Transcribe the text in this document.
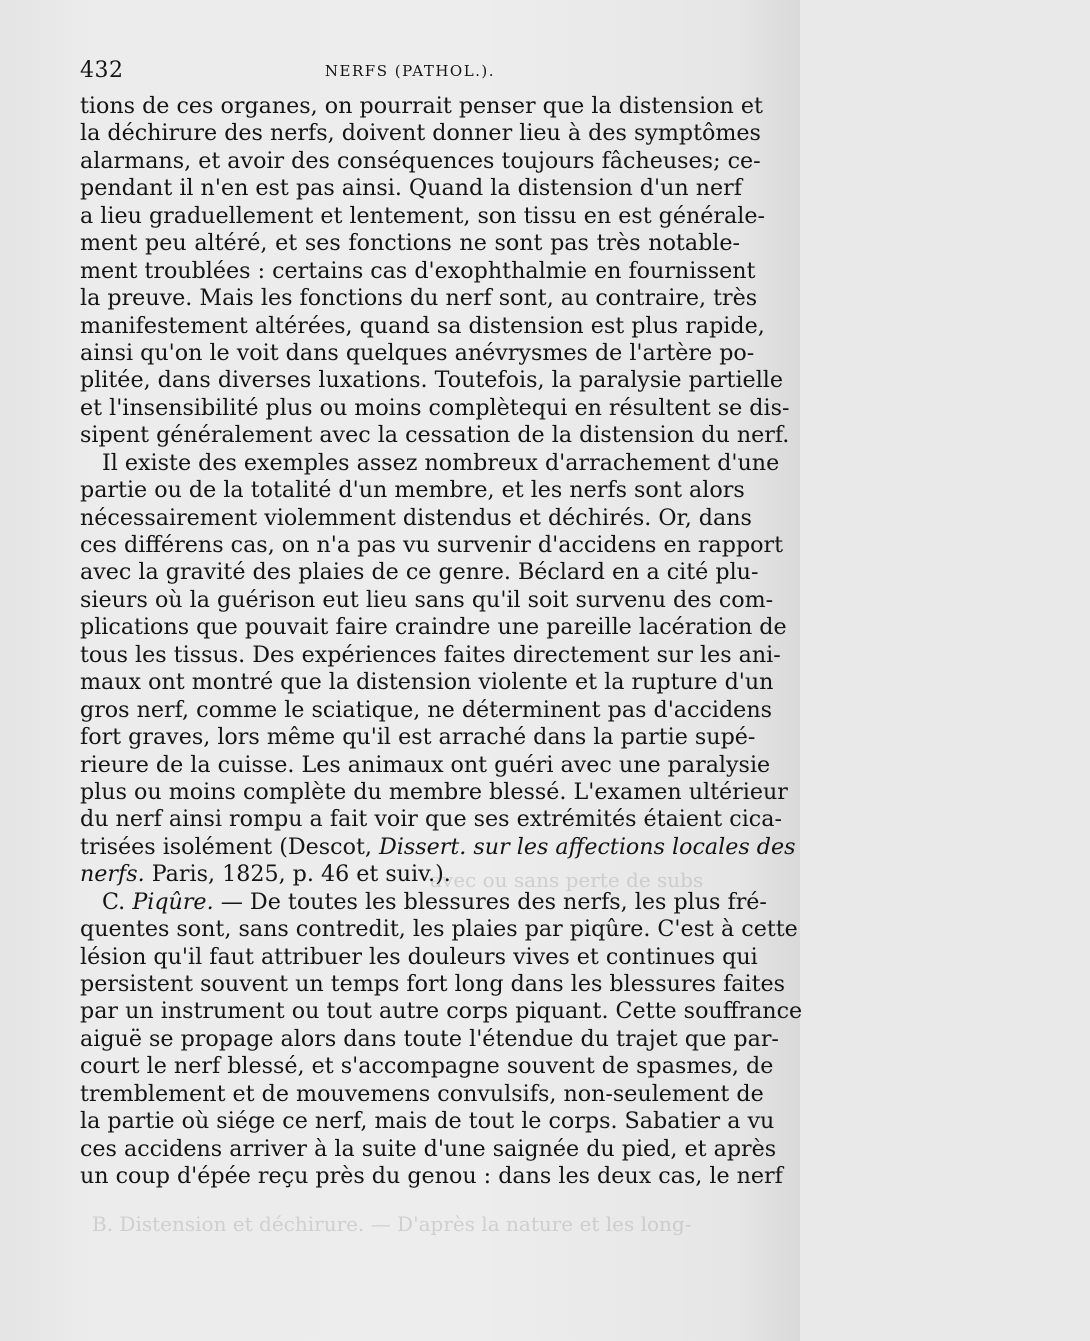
432	NERFS (PATHOL.).
avec ou sans perte de subs
B. Distension et déchirure. — D'après la nature et les long-
tions de ces organes, on pourrait penser que la distension et
la déchirure des nerfs, doivent donner lieu à des symptômes
alarmans, et avoir des conséquences toujours fâcheuses; ce-
pendant il n'en est pas ainsi. Quand la distension d'un nerf
a lieu graduellement et lentement, son tissu en est générale-
ment peu altéré, et ses fonctions ne sont pas très notable-
ment troublées : certains cas d'exophthalmie en fournissent
la preuve. Mais les fonctions du nerf sont, au contraire, très
manifestement altérées, quand sa distension est plus rapide,
ainsi qu'on le voit dans quelques anévrysmes de l'artère po-
plitée, dans diverses luxations. Toutefois, la paralysie partielle
et l'insensibilité plus ou moins complètequi en résultent se dis-
sipent généralement avec la cessation de la distension du nerf.
Il existe des exemples assez nombreux d'arrachement d'une
partie ou de la totalité d'un membre, et les nerfs sont alors
nécessairement violemment distendus et déchirés. Or, dans
ces différens cas, on n'a pas vu survenir d'accidens en rapport
avec la gravité des plaies de ce genre. Béclard en a cité plu-
sieurs où la guérison eut lieu sans qu'il soit survenu des com-
plications que pouvait faire craindre une pareille lacération de
tous les tissus. Des expériences faites directement sur les ani-
maux ont montré que la distension violente et la rupture d'un
gros nerf, comme le sciatique, ne déterminent pas d'accidens
fort graves, lors même qu'il est arraché dans la partie supé-
rieure de la cuisse. Les animaux ont guéri avec une paralysie
plus ou moins complète du membre blessé. L'examen ultérieur
du nerf ainsi rompu a fait voir que ses extrémités étaient cica-
trisées isolément (Descot, Dissert. sur les affections locales des
nerfs. Paris, 1825, p. 46 et suiv.).
C. Piqûre. — De toutes les blessures des nerfs, les plus fré-
quentes sont, sans contredit, les plaies par piqûre. C'est à cette
lésion qu'il faut attribuer les douleurs vives et continues qui
persistent souvent un temps fort long dans les blessures faites
par un instrument ou tout autre corps piquant. Cette souffrance
aiguë se propage alors dans toute l'étendue du trajet que par-
court le nerf blessé, et s'accompagne souvent de spasmes, de
tremblement et de mouvemens convulsifs, non-seulement de
la partie où siége ce nerf, mais de tout le corps. Sabatier a vu
ces accidens arriver à la suite d'une saignée du pied, et après
un coup d'épée reçu près du genou : dans les deux cas, le nerf
